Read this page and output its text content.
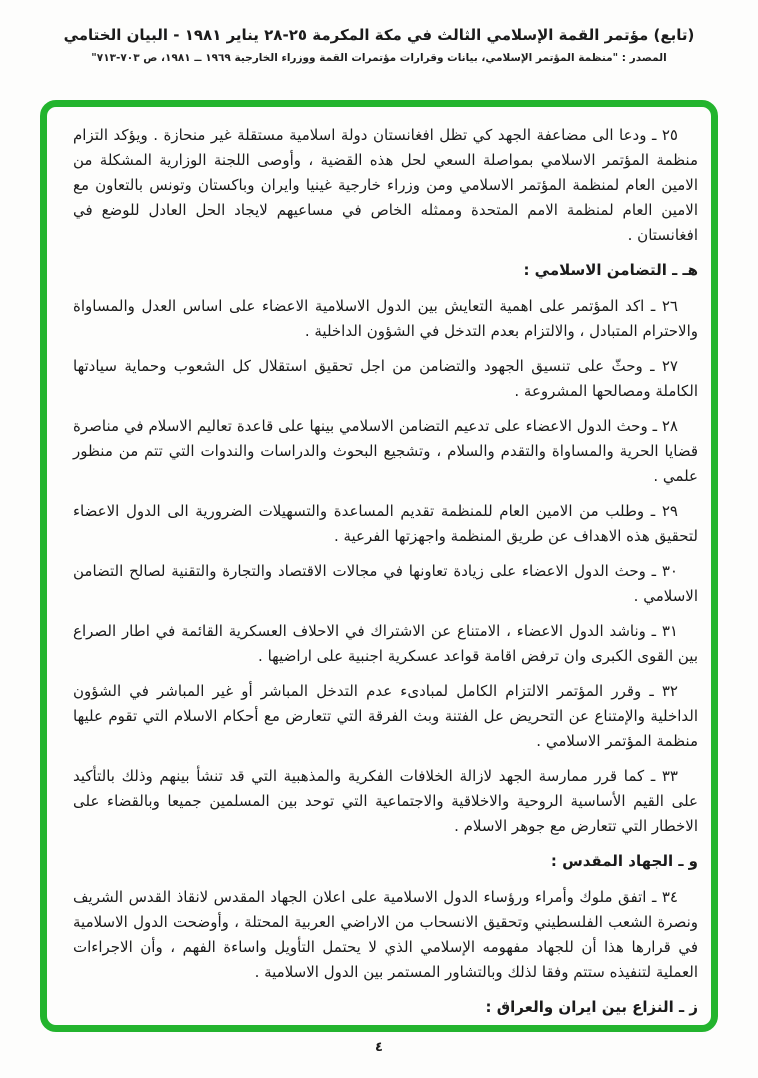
(تابع) مؤتمر القمة الإسلامي الثالث في مكة المكرمة ٢٥-٢٨ يناير ١٩٨١ - البيان الختامي
المصدر : "منظمة المؤتمر الإسلامي، بيانات وقرارات مؤتمرات القمة ووزراء الخارجية ١٩٦٩ ــ ١٩٨١، ص ٧٠٣-٧١٣"

٢٥ ـ ودعا الى مضاعفة الجهد كي تظل افغانستان دولة اسلامية مستقلة غير منحازة . ويؤكد التزام منظمة المؤتمر الاسلامي بمواصلة السعي لحل هذه القضية ، وأوصى اللجنة الوزارية المشكلة من الامين العام لمنظمة المؤتمر الاسلامي ومن وزراء خارجية غينيا وايران وباكستان وتونس بالتعاون مع الامين العام لمنظمة الامم المتحدة وممثله الخاص في مساعيهم لايجاد الحل العادل للوضع في افغانستان .

هـ ـ التضامن الاسلامي :

٢٦ ـ اكد المؤتمر على اهمية التعايش بين الدول الاسلامية الاعضاء على اساس العدل والمساواة والاحترام المتبادل ، والالتزام بعدم التدخل في الشؤون الداخلية .

٢٧ ـ وحثّ على تنسيق الجهود والتضامن من اجل تحقيق استقلال كل الشعوب وحماية سيادتها الكاملة ومصالحها المشروعة .

٢٨ ـ وحث الدول الاعضاء على تدعيم التضامن الاسلامي بينها على قاعدة تعاليم الاسلام في مناصرة قضايا الحرية والمساواة والتقدم والسلام ، وتشجيع البحوث والدراسات والندوات التي تتم من منظور علمي .

٢٩ ـ وطلب من الامين العام للمنظمة تقديم المساعدة والتسهيلات الضرورية الى الدول الاعضاء لتحقيق هذه الاهداف عن طريق المنظمة واجهزتها الفرعية .

٣٠ ـ وحث الدول الاعضاء على زيادة تعاونها في مجالات الاقتصاد والتجارة والتقنية لصالح التضامن الاسلامي .

٣١ ـ وناشد الدول الاعضاء ، الامتناع عن الاشتراك في الاحلاف العسكرية القائمة في اطار الصراع بين القوى الكبرى وان ترفض اقامة قواعد عسكرية اجنبية على اراضيها .

٣٢ ـ وقرر المؤتمر الالتزام الكامل لمبادىء عدم التدخل المباشر أو غير المباشر في الشؤون الداخلية والإمتناع عن التحريض عل الفتنة وبث الفرقة التي تتعارض مع أحكام الاسلام التي تقوم عليها منظمة المؤتمر الاسلامي .

٣٣ ـ كما قرر ممارسة الجهد لازالة الخلافات الفكرية والمذهبية التي قد تنشأ بينهم وذلك بالتأكيد على القيم الأساسية الروحية والاخلاقية والاجتماعية التي توحد بين المسلمين جميعا وبالقضاء على الاخطار التي تتعارض مع جوهر الاسلام .

و ـ الجهاد المقدس :

٣٤ ـ اتفق ملوك وأمراء ورؤساء الدول الاسلامية على اعلان الجهاد المقدس لانقاذ القدس الشريف ونصرة الشعب الفلسطيني وتحقيق الانسحاب من الاراضي العربية المحتلة ، وأوضحت الدول الاسلامية في قرارها هذا أن للجهاد مفهومه الإسلامي الذي لا يحتمل التأويل واساءة الفهم ، وأن الاجراءات العملية لتنفيذه ستتم وفقا لذلك وبالتشاور المستمر بين الدول الاسلامية .

ز ـ النزاع بين ايران والعراق :

٤
